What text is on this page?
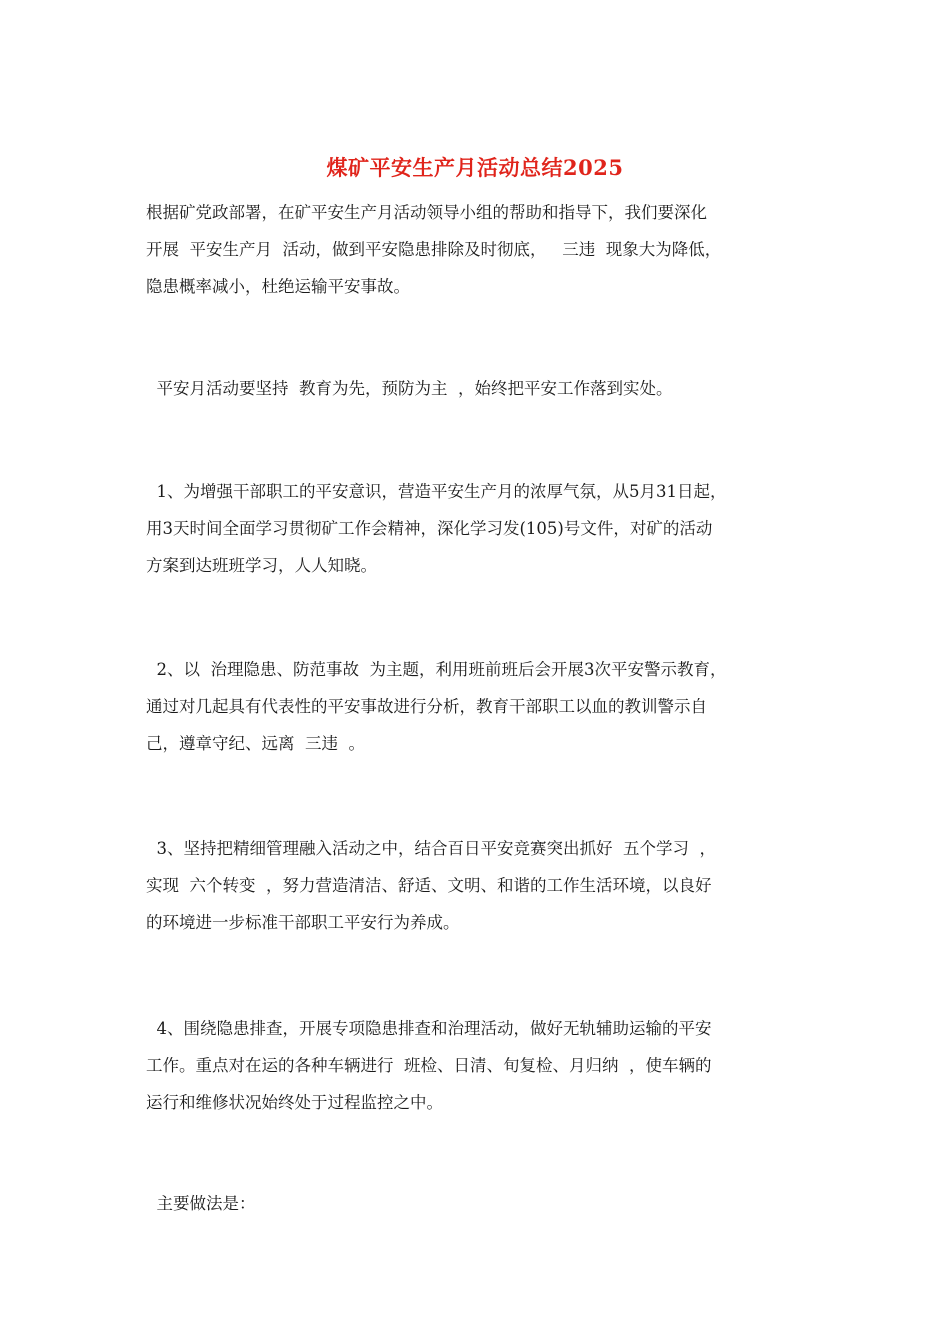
煤矿平安生产月活动总结2025

根据矿党政部署，在矿平安生产月活动领导小组的帮助和指导下，我们要深化
开展  平安生产月  活动，做到平安隐患排除及时彻底，   三违  现象大为降低，
隐患概率减小，杜绝运输平安事故。

平安月活动要坚持  教育为先，预防为主  ，始终把平安工作落到实处。

1、为增强干部职工的平安意识，营造平安生产月的浓厚气氛，从5月31日起，
用3天时间全面学习贯彻矿工作会精神，深化学习发(105)号文件，对矿的活动
方案到达班班学习，人人知晓。

2、以  治理隐患、防范事故  为主题，利用班前班后会开展3次平安警示教育，
通过对几起具有代表性的平安事故进行分析，教育干部职工以血的教训警示自
己，遵章守纪、远离  三违  。

3、坚持把精细管理融入活动之中，结合百日平安竞赛突出抓好  五个学习  ，
实现  六个转变  ，努力营造清洁、舒适、文明、和谐的工作生活环境，以良好
的环境进一步标准干部职工平安行为养成。

4、围绕隐患排查，开展专项隐患排查和治理活动，做好无轨辅助运输的平安
工作。重点对在运的各种车辆进行  班检、日清、旬复检、月归纳  ，使车辆的
运行和维修状况始终处于过程监控之中。

主要做法是：
